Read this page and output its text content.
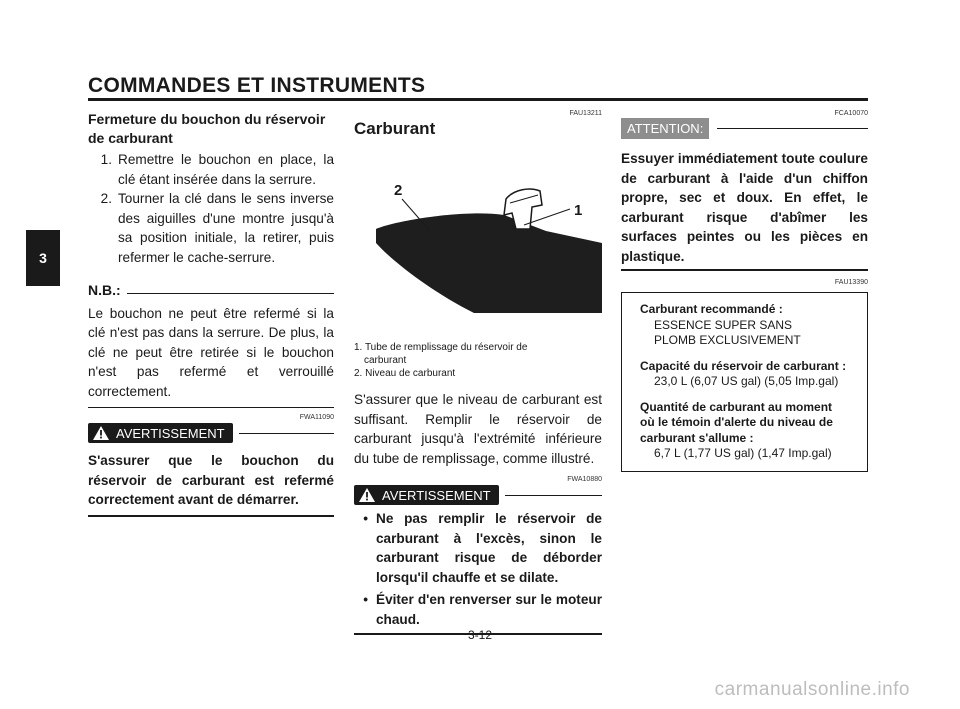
COMMANDES ET INSTRUMENTS
3
Fermeture du bouchon du réservoir de carburant
1. Remettre le bouchon en place, la clé étant insérée dans la serrure.
2. Tourner la clé dans le sens inverse des aiguilles d'une montre jusqu'à sa position initiale, la retirer, puis refermer le cache-serrure.
N.B.:
Le bouchon ne peut être refermé si la clé n'est pas dans la serrure. De plus, la clé ne peut être retirée si le bouchon n'est pas refermé et verrouillé correctement.
FWA11090
AVERTISSEMENT
S'assurer que le bouchon du réservoir de carburant est refermé correctement avant de démarrer.
FAU13211
Carburant
2
1
1. Tube de remplissage du réservoir de
carburant
2. Niveau de carburant
S'assurer que le niveau de carburant est suffisant. Remplir le réservoir de carburant jusqu'à l'extrémité inférieure du tube de remplissage, comme illustré.
FWA10880
AVERTISSEMENT
• Ne pas remplir le réservoir de carburant à l'excès, sinon le carburant risque de déborder lorsqu'il chauffe et se dilate.
• Éviter d'en renverser sur le moteur chaud.
FCA10070
ATTENTION:
Essuyer immédiatement toute coulure de carburant à l'aide d'un chiffon propre, sec et doux. En effet, le carburant risque d'abîmer les surfaces peintes ou les pièces en plastique.
FAU13390
Carburant recommandé :
ESSENCE SUPER SANS
PLOMB EXCLUSIVEMENT
Capacité du réservoir de carburant :
23,0 L (6,07 US gal) (5,05 Imp.gal)
Quantité de carburant au moment
où le témoin d'alerte du niveau de
carburant s'allume :
6,7 L (1,77 US gal) (1,47 Imp.gal)
3-12
carmanualsonline.info
